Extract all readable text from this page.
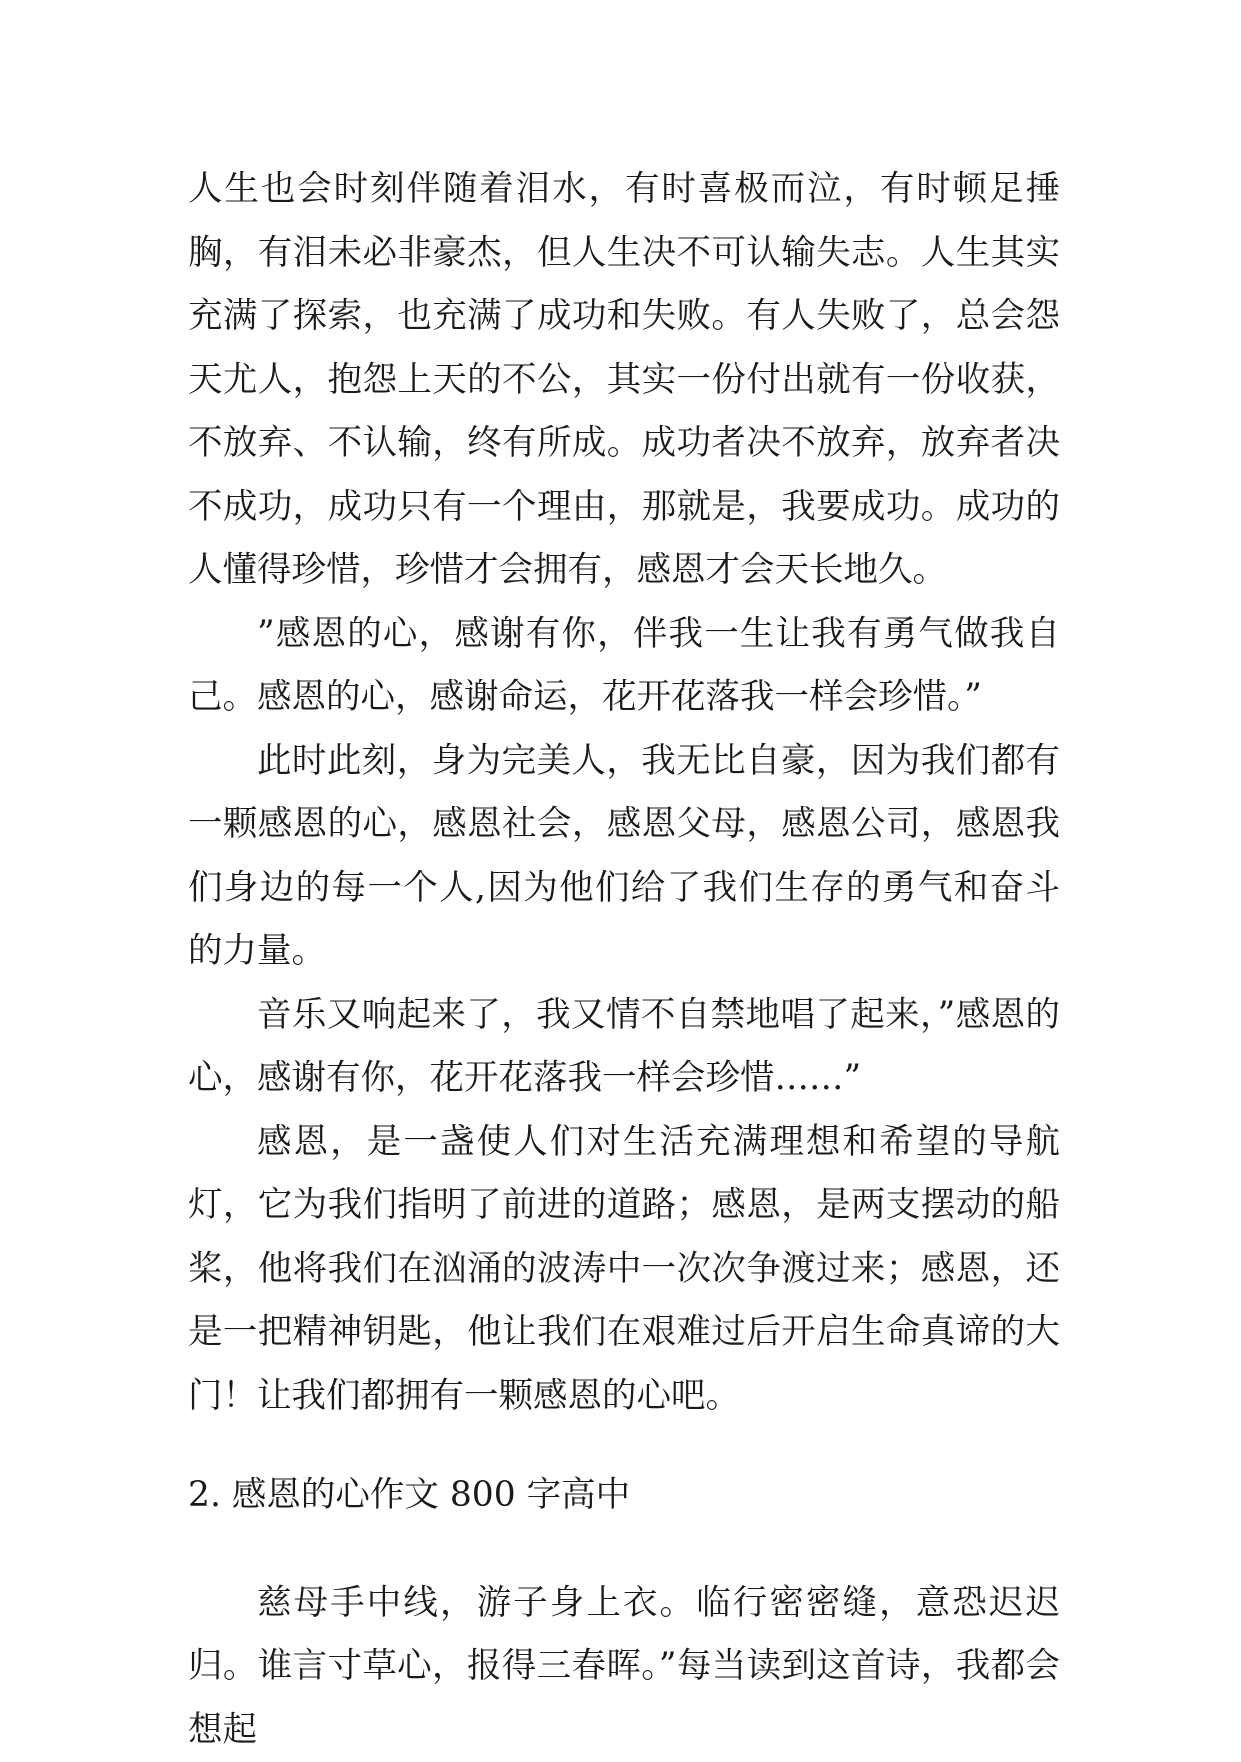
人生也会时刻伴随着泪水，有时喜极而泣，有时顿足捶胸，有泪未必非豪杰，但人生决不可认输失志。人生其实充满了探索，也充满了成功和失败。有人失败了，总会怨天尤人，抱怨上天的不公，其实一份付出就有一份收获，不放弃、不认输，终有所成。成功者决不放弃，放弃者决不成功，成功只有一个理由，那就是，我要成功。成功的人懂得珍惜，珍惜才会拥有，感恩才会天长地久。

”感恩的心，感谢有你，伴我一生让我有勇气做我自己。感恩的心，感谢命运，花开花落我一样会珍惜。”

此时此刻，身为完美人，我无比自豪，因为我们都有一颗感恩的心，感恩社会，感恩父母，感恩公司，感恩我们身边的每一个人,因为他们给了我们生存的勇气和奋斗的力量。

音乐又响起来了，我又情不自禁地唱了起来，”感恩的心，感谢有你，花开花落我一样会珍惜……”

感恩，是一盏使人们对生活充满理想和希望的导航灯，它为我们指明了前进的道路；感恩，是两支摆动的船桨，他将我们在汹涌的波涛中一次次争渡过来；感恩，还是一把精神钥匙，他让我们在艰难过后开启生命真谛的大门！让我们都拥有一颗感恩的心吧。

2. 感恩的心作文 800 字高中

慈母手中线，游子身上衣。临行密密缝，意恐迟迟归。谁言寸草心，报得三春晖。”每当读到这首诗，我都会想起
